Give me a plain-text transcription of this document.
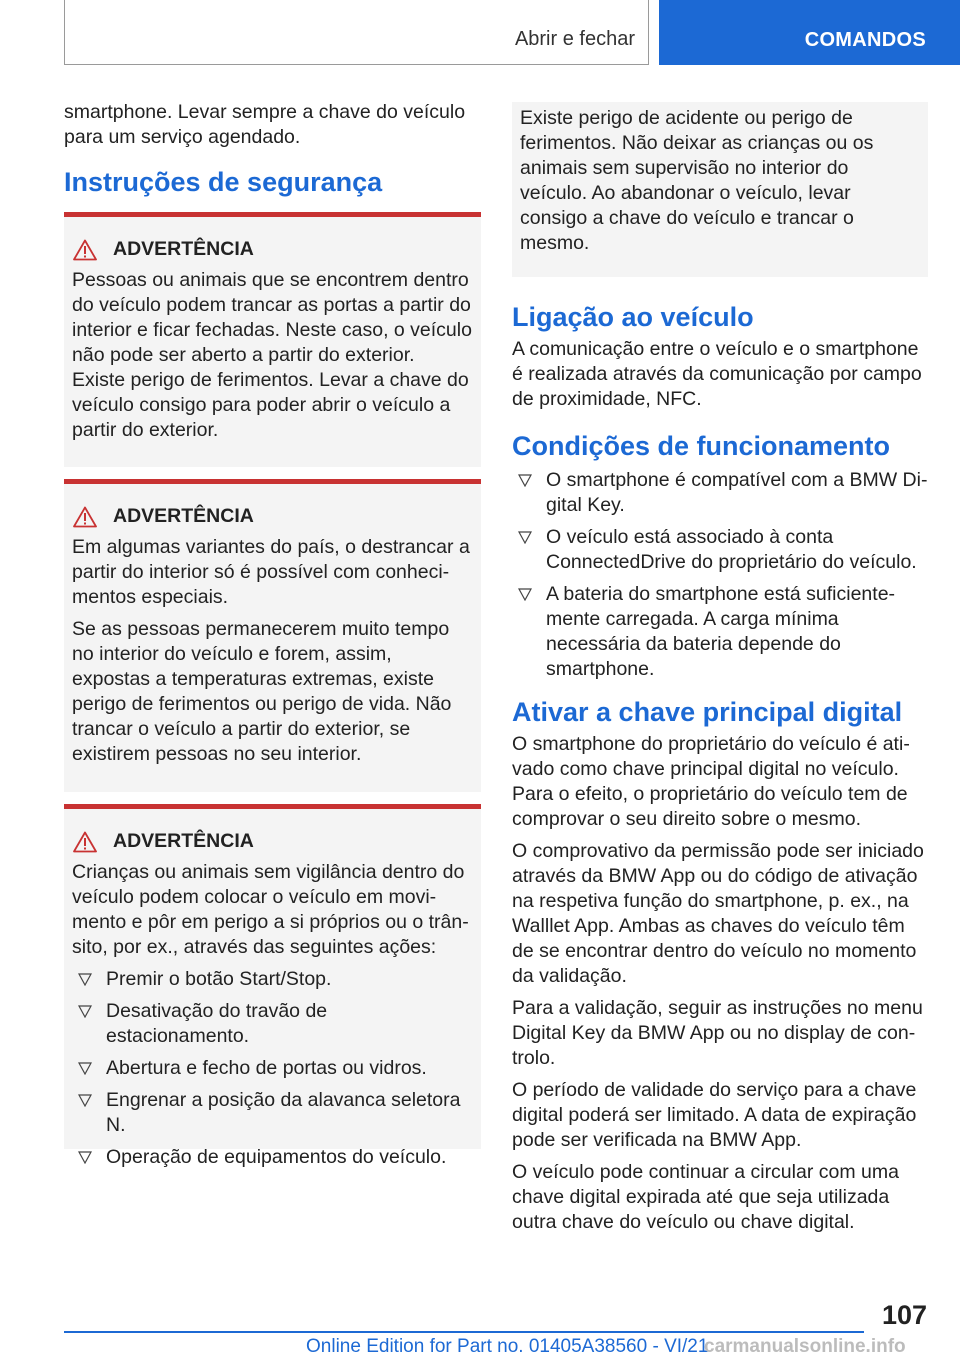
Abrir e fechar	COMANDOS
smartphone. Levar sempre a chave do veículo para um serviço agendado.
Instruções de segurança
ADVERTÊNCIA
Pessoas ou animais que se encontrem dentro do veículo podem trancar as portas a partir do interior e ficar fechadas. Neste caso, o veículo não pode ser aberto a partir do exterior. Existe perigo de ferimentos. Levar a chave do veículo consigo para poder abrir o veículo a partir do exterior.
ADVERTÊNCIA
Em algumas variantes do país, o destrancar a partir do interior só é possível com conhecimentos especiais.
Se as pessoas permanecerem muito tempo no interior do veículo e forem, assim, expostas a temperaturas extremas, existe perigo de ferimentos ou perigo de vida. Não trancar o veículo a partir do exterior, se existirem pessoas no seu interior.
ADVERTÊNCIA
Crianças ou animais sem vigilância dentro do veículo podem colocar o veículo em movimento e pôr em perigo a si próprios ou o trânsito, por ex., através das seguintes ações:
Premir o botão Start/Stop.
Desativação do travão de estacionamento.
Abertura e fecho de portas ou vidros.
Engrenar a posição da alavanca seletora N.
Operação de equipamentos do veículo.
Existe perigo de acidente ou perigo de ferimentos. Não deixar as crianças ou os animais sem supervisão no interior do veículo. Ao abandonar o veículo, levar consigo a chave do veículo e trancar o mesmo.
Ligação ao veículo
A comunicação entre o veículo e o smartphone é realizada através da comunicação por campo de proximidade, NFC.
Condições de funcionamento
O smartphone é compatível com a BMW Digital Key.
O veículo está associado à conta ConnectedDrive do proprietário do veículo.
A bateria do smartphone está suficientemente carregada. A carga mínima necessária da bateria depende do smartphone.
Ativar a chave principal digital
O smartphone do proprietário do veículo é ativado como chave principal digital no veículo. Para o efeito, o proprietário do veículo tem de comprovar o seu direito sobre o mesmo.
O comprovativo da permissão pode ser iniciado através da BMW App ou do código de ativação na respetiva função do smartphone, p. ex., na Walllet App. Ambas as chaves do veículo têm de se encontrar dentro do veículo no momento da validação.
Para a validação, seguir as instruções no menu Digital Key da BMW App ou no display de controlo.
O período de validade do serviço para a chave digital poderá ser limitado. A data de expiração pode ser verificada na BMW App.
O veículo pode continuar a circular com uma chave digital expirada até que seja utilizada outra chave do veículo ou chave digital.
107
Online Edition for Part no. 01405A38560 - VI/21
carmanualsonline.info
